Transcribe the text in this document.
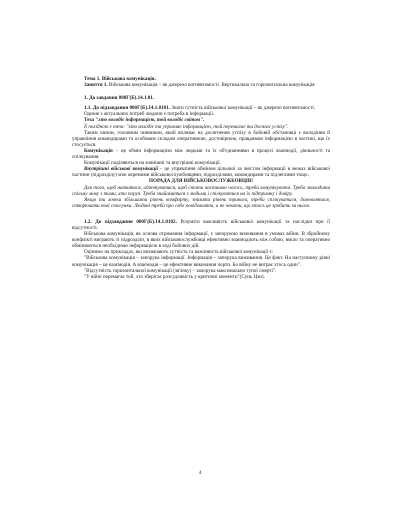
Тема 1. Військова комунікація.

Заняття 1. Військова комунікація – як джерело вогневтомості. Вертикальна та горизонтальна комунікація

1. До завдання 000Г(Б).14.1.01.

1.1. До підзавдання 000Г(Б).14.1.0101. Знати сутність військової комунікації – як джерело вогневтомості.

Одною з актуальних потреб людини є потреба в інформації.

Теза "хто володіє інформацією, той володіє світом".

Її похідною є теза: "хто володіє та управляє інформацією, той перемагає та досягає успіху".

Таким чином, головним чинником, який впливає на досягнення успіху в бойовій обстановці є володіння й управління командирами та особовим складом оперативною, достовірною, правдивою інформацією в частині, що їх стосується.

Комунікація – це обмін інформацією між людьми та їх об'єднаннями в процесі взаємодії, діяльності та спілкування.

Комунікації поділяються на зовнішні та внутрішні комунікації.

Внутрішні військові комунікації – це управління обміном цільової за змістом інформації в межах військової частини (підрозділу) між окремими військовослужбовцями, підрозділами, командирами та підлеглими тощо.

ПОРАДА ДЛЯ ВІЙСЬКОВОСЛУЖБОВЦІВ!

Для того, щоб навчитися, адаптуватися, щоб стати частиною чогось, треба комунікувати. Треба знаходити спільну мову з тими, хто поруч. Треба знайомитися з людьми і спілкуватися на їх підтримку і довіру.

Якщо ти хочеш збільшити рівень комфорту, знизити рівень тривоги, треба спілкуватися, домовлятися, створювати нові стосунки. Людині треба про себе повідомляти, а не чекати, що хтось це зробить за нього.

1.2. До підзавдання 000Г(Б).14.1.0102. Розуміти важливість військової комунікації та наслідки при її відсутності.

Військова комунікація, як основа отримання інформації, є запорукою виживання в умовах війни. В збройному конфлікті виграють ті підрозділи, в яких військовослужбовці ефективно взаємодіють між собою, вміло та оперативно обмінюються необхідною інформацією в ході бойових дій.

Оцінимо на прикладах, які визначають сутність та важливість військової комунікації є:

"Військова комунікація – запорука інформації. Інформація – запорука виживання. Це факт. На наступному рівні комунікація – це взаємодія. А взаємодія – це ефективне виконання чорти. Бо війну не виграє хтось один".

"Відсутність горизонтальної комунікації (зв'язку) – запорука максимально тупої смерті".

"У війні перемагає той, хто зберігає розсудливість у критичні моменти"(Сунь Цзи).

4
